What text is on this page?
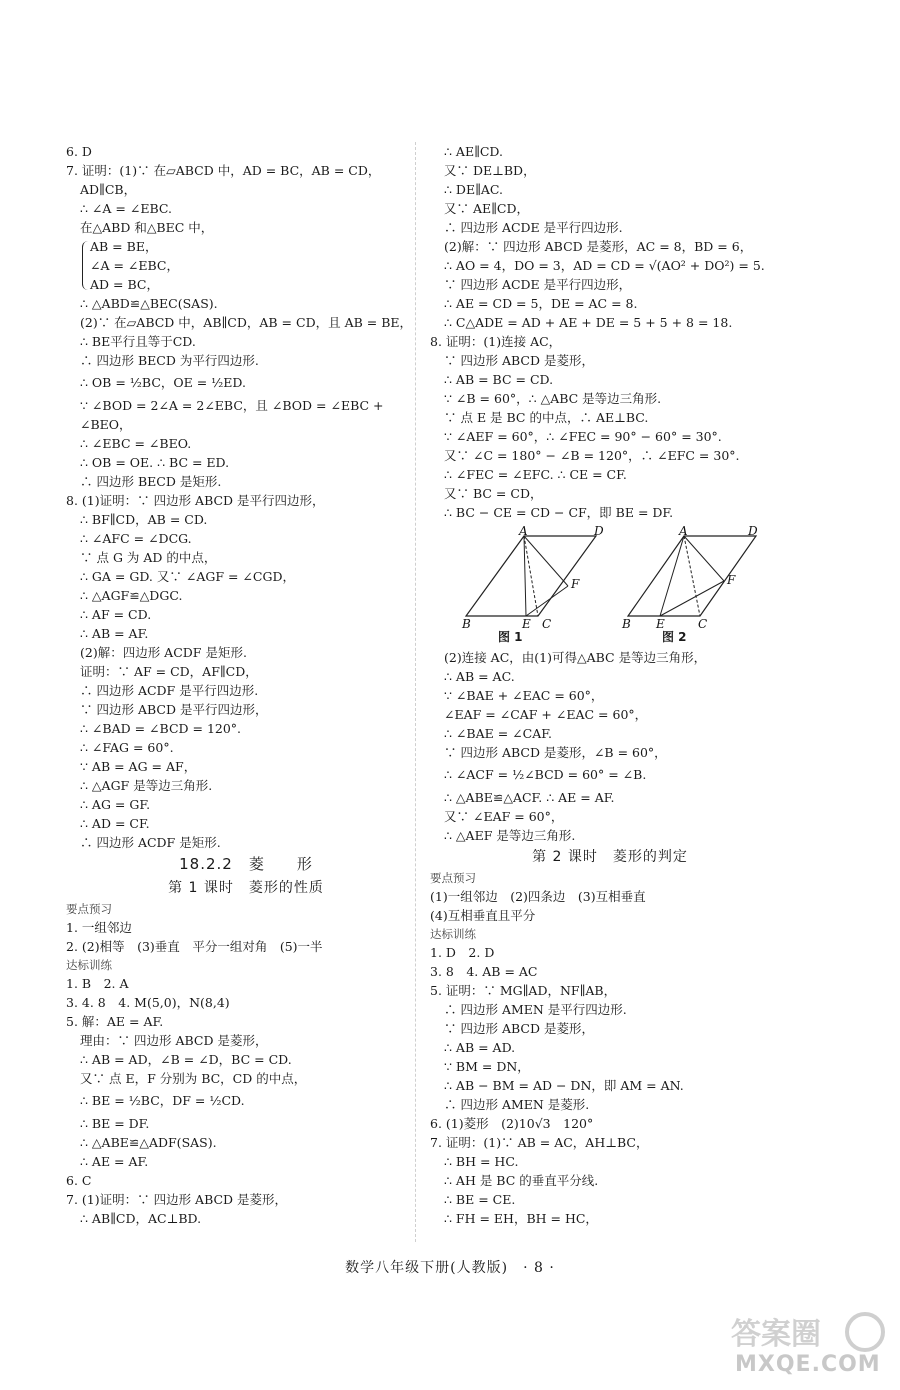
6. D
7. 证明：(1)∵ 在▱ABCD 中，AD = BC，AB = CD，
AD∥CB，
∴ ∠A = ∠EBC.
在△ABD 和△BEC 中，
AB = BE，
∠A = ∠EBC，
AD = BC，
∴ △ABD≌△BEC(SAS).
(2)∵ 在▱ABCD 中，AB∥CD，AB = CD，且 AB = BE，
∴ BE平行且等于CD.
∴ 四边形 BECD 为平行四边形.
∴ OB = ½BC，OE = ½ED.
∵ ∠BOD = 2∠A = 2∠EBC，且 ∠BOD = ∠EBC +
∠BEO，
∴ ∠EBC = ∠BEO.
∴ OB = OE. ∴ BC = ED.
∴ 四边形 BECD 是矩形.
8. (1)证明：∵ 四边形 ABCD 是平行四边形，
∴ BF∥CD，AB = CD.
∴ ∠AFC = ∠DCG.
∵ 点 G 为 AD 的中点，
∴ GA = GD. 又∵ ∠AGF = ∠CGD，
∴ △AGF≌△DGC.
∴ AF = CD.
∴ AB = AF.
(2)解：四边形 ACDF 是矩形.
证明：∵ AF = CD，AF∥CD，
∴ 四边形 ACDF 是平行四边形.
∵ 四边形 ABCD 是平行四边形，
∴ ∠BAD = ∠BCD = 120°.
∴ ∠FAG = 60°.
∵ AB = AG = AF，
∴ △AGF 是等边三角形.
∴ AG = GF.
∴ AD = CF.
∴ 四边形 ACDF 是矩形.
18.2.2　菱　　形
第 1 课时　菱形的性质
要点预习
1. 一组邻边
2. (2)相等　(3)垂直　平分一组对角　(5)一半
达标训练
1. B　2. A
3. 4. 8　4. M(5,0)，N(8,4)
5. 解：AE = AF.
理由：∵ 四边形 ABCD 是菱形，
∴ AB = AD，∠B = ∠D，BC = CD.
又∵ 点 E，F 分别为 BC，CD 的中点，
∴ BE = ½BC，DF = ½CD.
∴ BE = DF.
∴ △ABE≌△ADF(SAS).
∴ AE = AF.
6. C
7. (1)证明：∵ 四边形 ABCD 是菱形，
∴ AB∥CD，AC⊥BD.
∴ AE∥CD.
又∵ DE⊥BD，
∴ DE∥AC.
又∵ AE∥CD，
∴ 四边形 ACDE 是平行四边形.
(2)解：∵ 四边形 ABCD 是菱形，AC = 8，BD = 6，
∴ AO = 4，DO = 3，AD = CD = √(AO² + DO²) = 5.
∵ 四边形 ACDE 是平行四边形，
∴ AE = CD = 5，DE = AC = 8.
∴ C△ADE = AD + AE + DE = 5 + 5 + 8 = 18.
8. 证明：(1)连接 AC，
∵ 四边形 ABCD 是菱形，
∴ AB = BC = CD.
∵ ∠B = 60°，∴ △ABC 是等边三角形.
∵ 点 E 是 BC 的中点，∴ AE⊥BC.
∵ ∠AEF = 60°，∴ ∠FEC = 90° − 60° = 30°.
又∵ ∠C = 180° − ∠B = 120°，∴ ∠EFC = 30°.
∴ ∠FEC = ∠EFC. ∴ CE = CF.
又∵ BC = CD，
∴ BC − CE = CD − CF，即 BE = DF.
A	D
F
B	E C
图 1
A	D
F
B E	C
图 2
(2)连接 AC，由(1)可得△ABC 是等边三角形，
∴ AB = AC.
∵ ∠BAE + ∠EAC = 60°，
∠EAF = ∠CAF + ∠EAC = 60°，
∴ ∠BAE = ∠CAF.
∵ 四边形 ABCD 是菱形，∠B = 60°，
∴ ∠ACF = ½∠BCD = 60° = ∠B.
∴ △ABE≌△ACF. ∴ AE = AF.
又∵ ∠EAF = 60°，
∴ △AEF 是等边三角形.
第 2 课时　菱形的判定
要点预习
(1)一组邻边　(2)四条边　(3)互相垂直
(4)互相垂直且平分
达标训练
1. D　2. D
3. 8　4. AB = AC
5. 证明：∵ MG∥AD，NF∥AB，
∴ 四边形 AMEN 是平行四边形.
∵ 四边形 ABCD 是菱形，
∴ AB = AD.
∵ BM = DN，
∴ AB − BM = AD − DN，即 AM = AN.
∴ 四边形 AMEN 是菱形.
6. (1)菱形　(2)10√3　120°
7. 证明：(1)∵ AB = AC，AH⊥BC，
∴ BH = HC.
∴ AH 是 BC 的垂直平分线.
∴ BE = CE.
∴ FH = EH，BH = HC，
数学八年级下册(人教版)　· 8 ·
答案圈
MXQE.COM
